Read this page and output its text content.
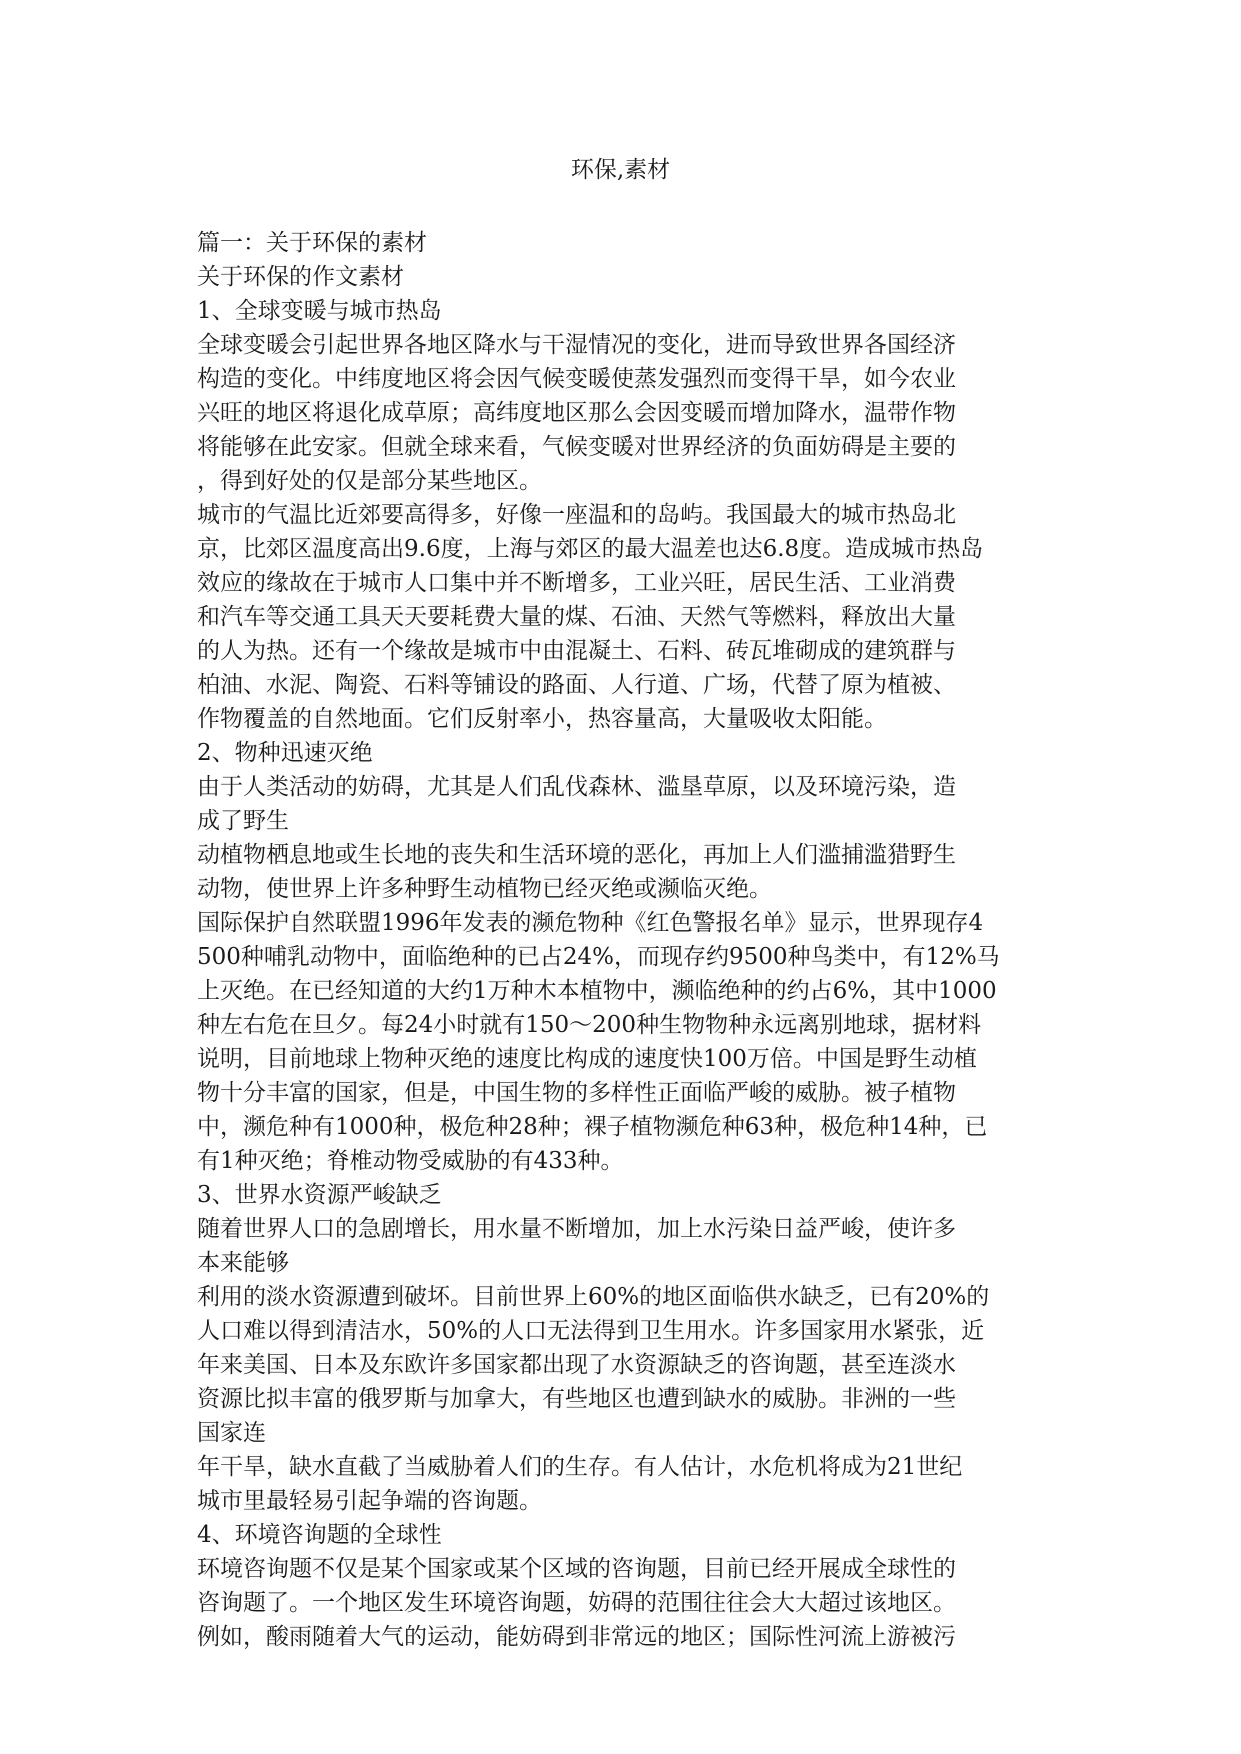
环保,素材
篇一：关于环保的素材
关于环保的作文素材
1、全球变暖与城市热岛
全球变暖会引起世界各地区降水与干湿情况的变化，进而导致世界各国经济
构造的变化。中纬度地区将会因气候变暖使蒸发强烈而变得干旱，如今农业
兴旺的地区将退化成草原；高纬度地区那么会因变暖而增加降水，温带作物
将能够在此安家。但就全球来看，气候变暖对世界经济的负面妨碍是主要的
，得到好处的仅是部分某些地区。
城市的气温比近郊要高得多，好像一座温和的岛屿。我国最大的城市热岛北
京，比郊区温度高出9.6度，上海与郊区的最大温差也达6.8度。造成城市热岛
效应的缘故在于城市人口集中并不断增多，工业兴旺，居民生活、工业消费
和汽车等交通工具天天要耗费大量的煤、石油、天然气等燃料，释放出大量
的人为热。还有一个缘故是城市中由混凝土、石料、砖瓦堆砌成的建筑群与
柏油、水泥、陶瓷、石料等铺设的路面、人行道、广场，代替了原为植被、
作物覆盖的自然地面。它们反射率小，热容量高，大量吸收太阳能。
2、物种迅速灭绝
由于人类活动的妨碍，尤其是人们乱伐森林、滥垦草原，以及环境污染，造
成了野生
动植物栖息地或生长地的丧失和生活环境的恶化，再加上人们滥捕滥猎野生
动物，使世界上许多种野生动植物已经灭绝或濒临灭绝。
国际保护自然联盟1996年发表的濒危物种《红色警报名单》显示，世界现存4
500种哺乳动物中，面临绝种的已占24%，而现存约9500种鸟类中，有12%马
上灭绝。在已经知道的大约1万种木本植物中，濒临绝种的约占6%，其中1000
种左右危在旦夕。每24小时就有150～200种生物物种永远离别地球，据材料
说明，目前地球上物种灭绝的速度比构成的速度快100万倍。中国是野生动植
物十分丰富的国家，但是，中国生物的多样性正面临严峻的威胁。被子植物
中，濒危种有1000种，极危种28种；裸子植物濒危种63种，极危种14种，已
有1种灭绝；脊椎动物受威胁的有433种。
3、世界水资源严峻缺乏
随着世界人口的急剧增长，用水量不断增加，加上水污染日益严峻，使许多
本来能够
利用的淡水资源遭到破坏。目前世界上60%的地区面临供水缺乏，已有20%的
人口难以得到清洁水，50%的人口无法得到卫生用水。许多国家用水紧张，近
年来美国、日本及东欧许多国家都出现了水资源缺乏的咨询题，甚至连淡水
资源比拟丰富的俄罗斯与加拿大，有些地区也遭到缺水的威胁。非洲的一些
国家连
年干旱，缺水直截了当威胁着人们的生存。有人估计，水危机将成为21世纪
城市里最轻易引起争端的咨询题。
4、环境咨询题的全球性
环境咨询题不仅是某个国家或某个区域的咨询题，目前已经开展成全球性的
咨询题了。一个地区发生环境咨询题，妨碍的范围往往会大大超过该地区。
例如，酸雨随着大气的运动，能妨碍到非常远的地区；国际性河流上游被污
